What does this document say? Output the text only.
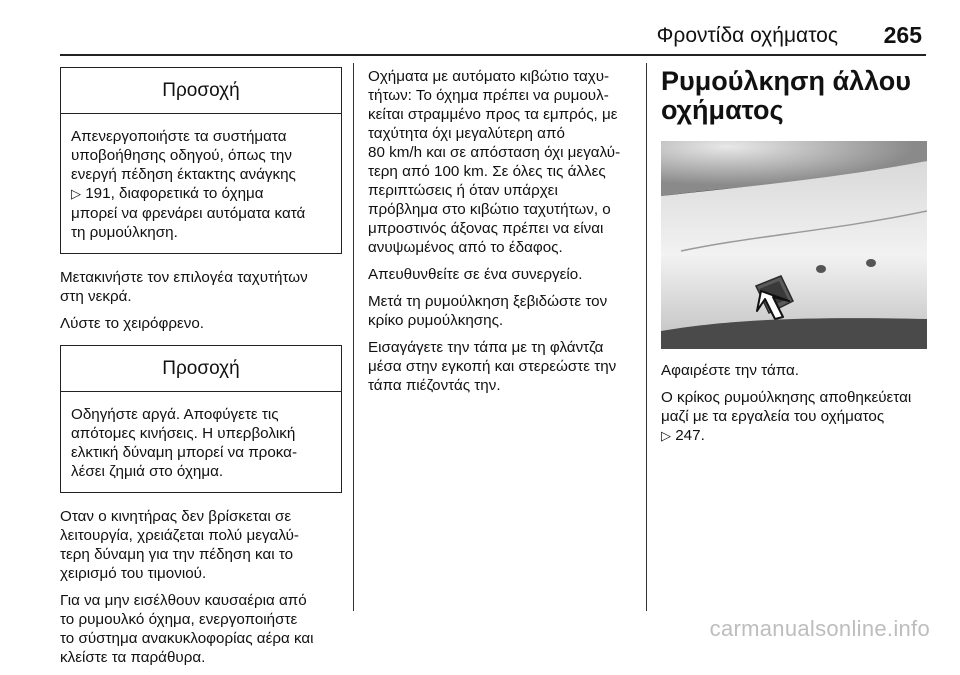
Φροντίδα οχήματος 265
Προσοχή
Απενεργοποιήστε τα συστήματα
υποβοήθησης οδηγού, όπως την
ενεργή πέδηση έκτακτης ανάγκης
▷ 191, διαφορετικά το όχημα
μπορεί να φρενάρει αυτόματα κατά
τη ρυμούλκηση.

Μετακινήστε τον επιλογέα ταχυτήτων
στη νεκρά.

Λύστε το χειρόφρενο.

Προσοχή
Οδηγήστε αργά. Αποφύγετε τις
απότομες κινήσεις. Η υπερβολική
ελκτική δύναμη μπορεί να προκα-
λέσει ζημιά στο όχημα.

Οταν ο κινητήρας δεν βρίσκεται σε
λειτουργία, χρειάζεται πολύ μεγαλύ-
τερη δύναμη για την πέδηση και το
χειρισμό του τιμονιού.

Για να μην εισέλθουν καυσαέρια από
το ρυμουλκό όχημα, ενεργοποιήστε
το σύστημα ανακυκλοφορίας αέρα και
κλείστε τα παράθυρα.

Οχήματα με αυτόματο κιβώτιο ταχυ-
τήτων: Το όχημα πρέπει να ρυμουλ-
κείται στραμμένο προς τα εμπρός, με
ταχύτητα όχι μεγαλύτερη από
80 km/h και σε απόσταση όχι μεγαλύ-
τερη από 100 km. Σε όλες τις άλλες
περιπτώσεις ή όταν υπάρχει
πρόβλημα στο κιβώτιο ταχυτήτων, ο
μπροστινός άξονας πρέπει να είναι
ανυψωμένος από το έδαφος.

Απευθυνθείτε σε ένα συνεργείο.

Μετά τη ρυμούλκηση ξεβιδώστε τον
κρίκο ρυμούλκησης.

Εισαγάγετε την τάπα με τη φλάντζα
μέσα στην εγκοπή και στερεώστε την
τάπα πιέζοντάς την.

Ρυμούλκηση άλλου
οχήματος

Αφαιρέστε την τάπα.

Ο κρίκος ρυμούλκησης αποθηκεύεται
μαζί με τα εργαλεία του οχήματος
▷ 247.

carmanualsonline.info
